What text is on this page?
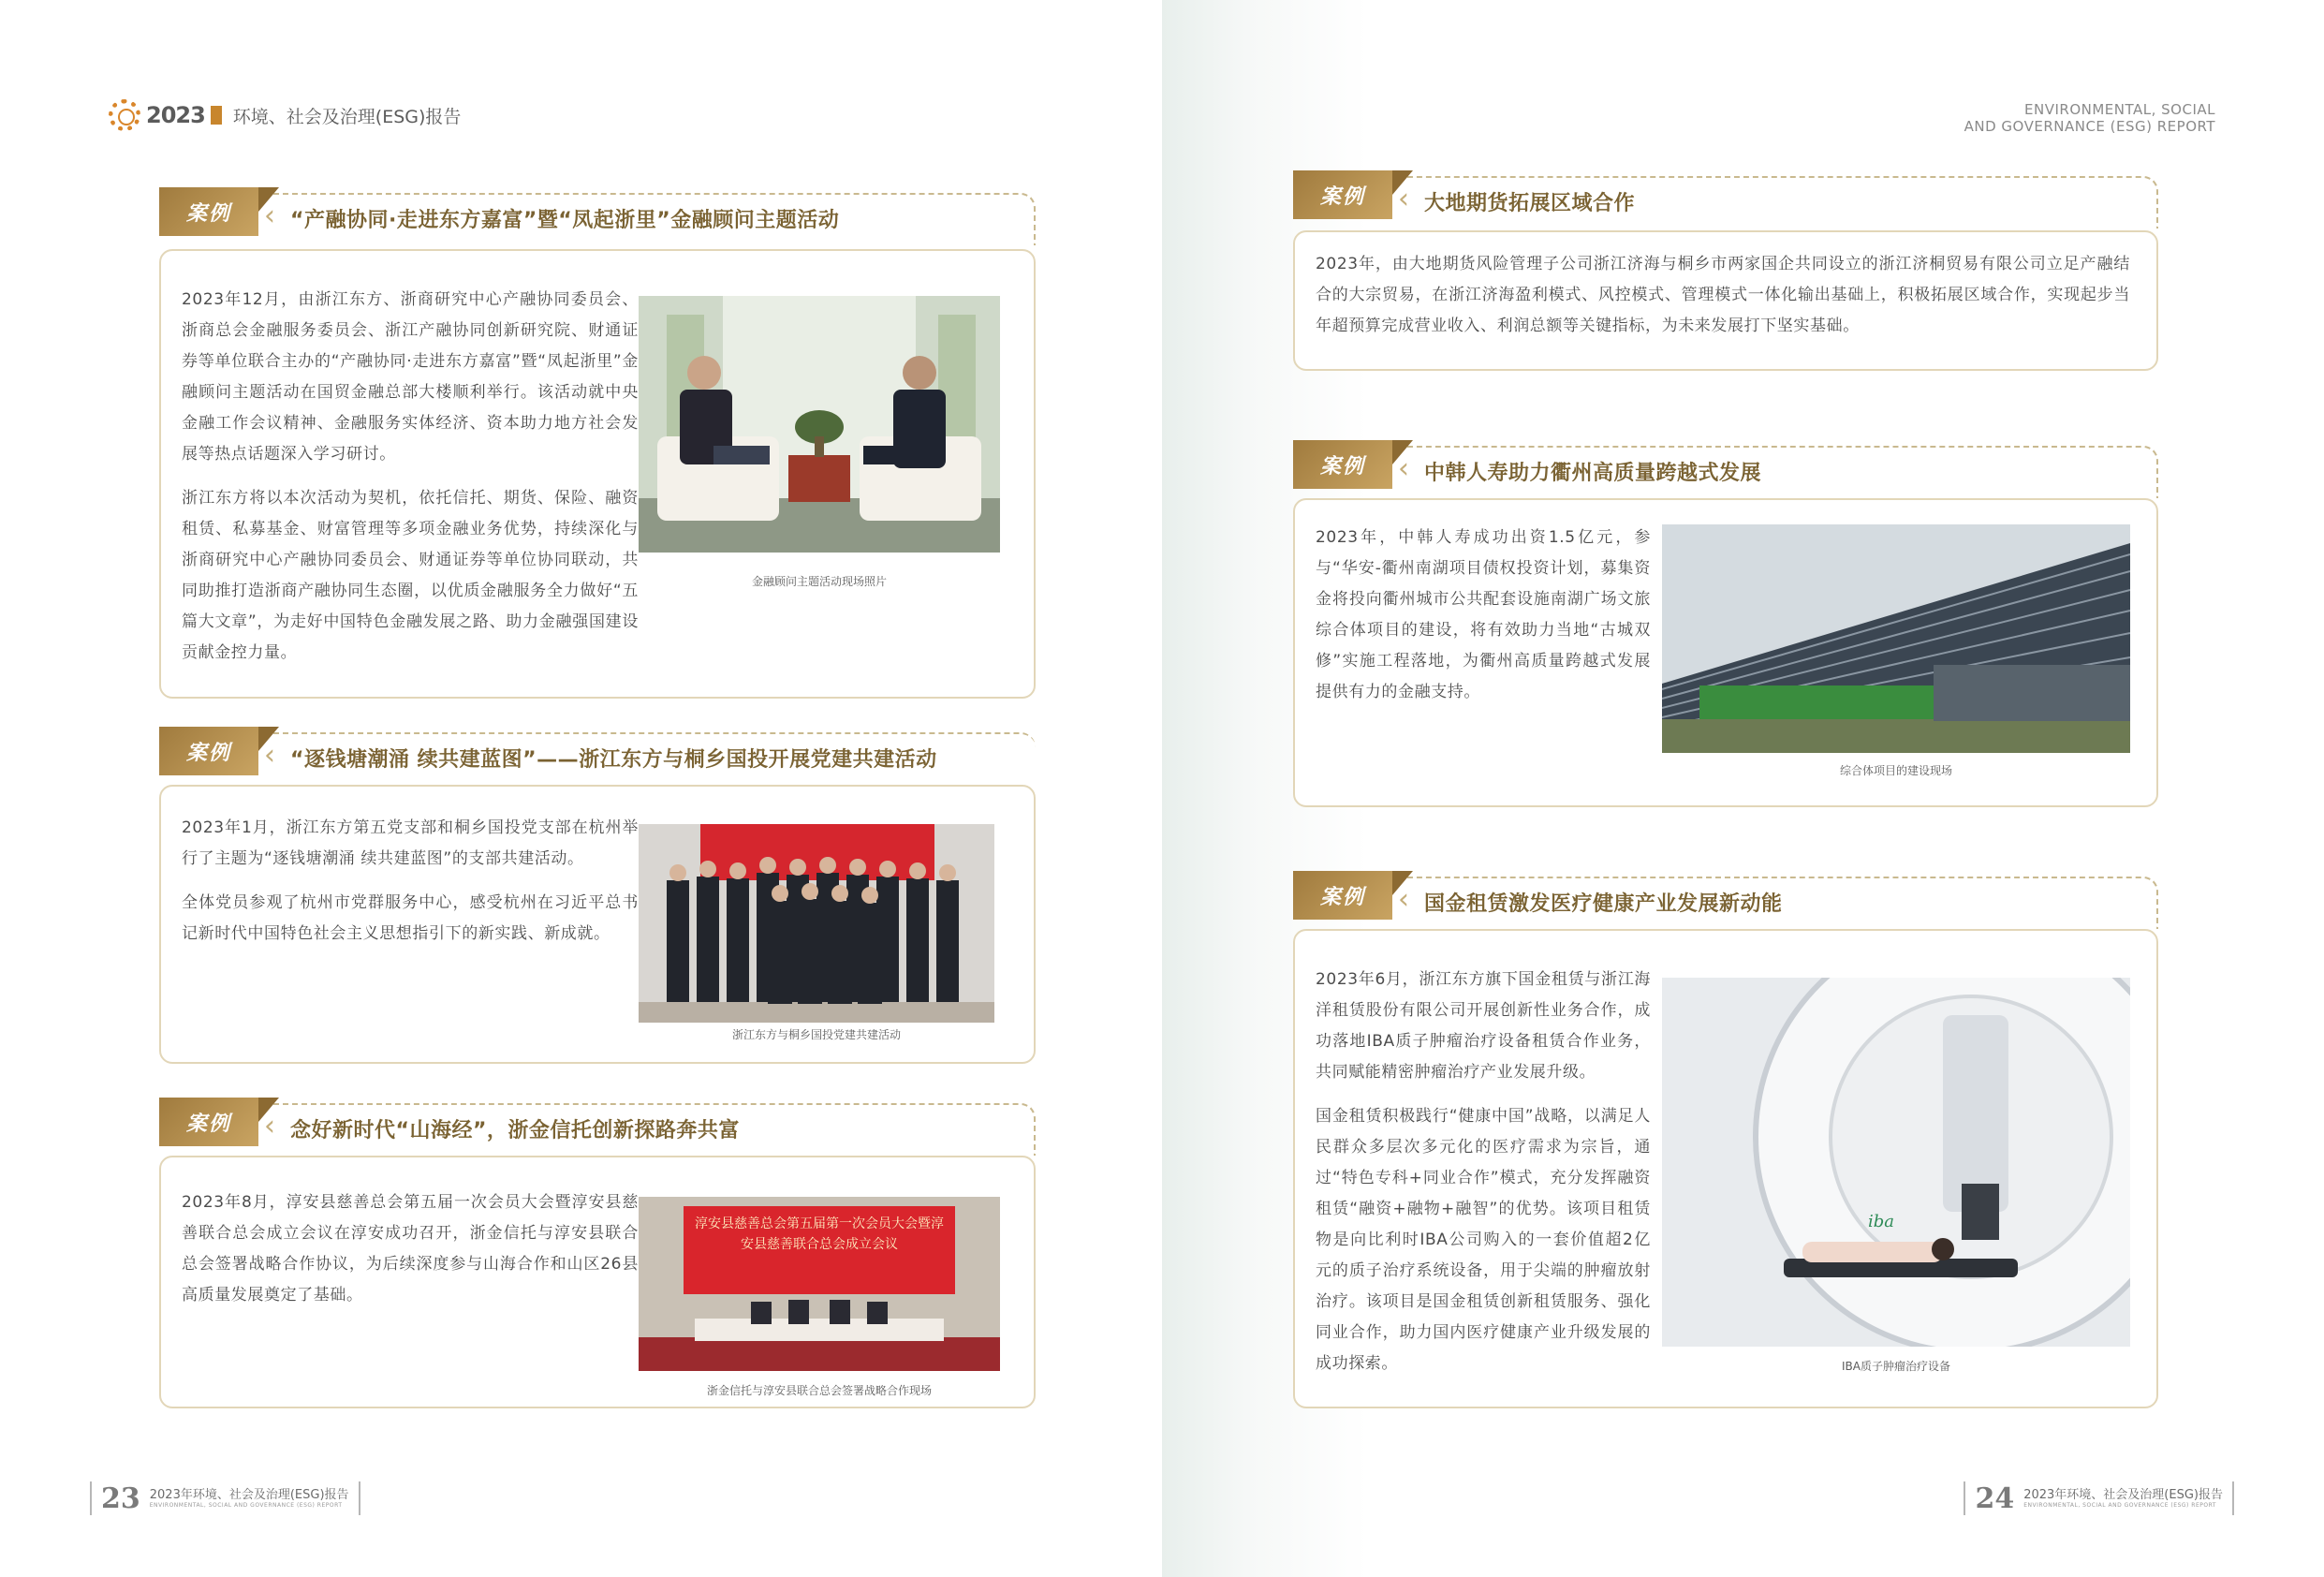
2023 环境、社会及治理(ESG)报告
案例	‹ “产融协同·走进东方嘉富”暨“凤起浙里”金融顾问主题活动

2023年12月，由浙江东方、浙商研究中心产融协同委员会、浙商总会金融服务委员会、浙江产融协同创新研究院、财通证券等单位联合主办的“产融协同·走进东方嘉富”暨“凤起浙里”金融顾问主题活动在国贸金融总部大楼顺利举行。该活动就中央金融工作会议精神、金融服务实体经济、资本助力地方社会发展等热点话题深入学习研讨。

浙江东方将以本次活动为契机，依托信托、期货、保险、融资租赁、私募基金、财富管理等多项金融业务优势，持续深化与浙商研究中心产融协同委员会、财通证券等单位协同联动，共同助推打造浙商产融协同生态圈，以优质金融服务全力做好“五篇大文章”，为走好中国特色金融发展之路、助力金融强国建设贡献金控力量。

金融顾问主题活动现场照片
案例	‹ “逐钱塘潮涌 续共建蓝图”——浙江东方与桐乡国投开展党建共建活动

2023年1月，浙江东方第五党支部和桐乡国投党支部在杭州举行了主题为“逐钱塘潮涌 续共建蓝图”的支部共建活动。

全体党员参观了杭州市党群服务中心，感受杭州在习近平总书记新时代中国特色社会主义思想指引下的新实践、新成就。

浙江东方与桐乡国投党建共建活动
案例	‹ 念好新时代“山海经”，浙金信托创新探路奔共富

2023年8月，淳安县慈善总会第五届一次会员大会暨淳安县慈善联合总会成立会议在淳安成功召开，浙金信托与淳安县联合总会签署战略合作协议，为后续深度参与山海合作和山区26县高质量发展奠定了基础。

淳安县慈善总会第五届第一次会员大会暨淳安县慈善联合总会成立会议
浙金信托与淳安县联合总会签署战略合作现场
23 2023年环境、社会及治理(ESG)报告
ENVIRONMENTAL, SOCIAL AND GOVERNANCE (ESG) REPORT
ENVIRONMENTAL, SOCIAL
AND GOVERNANCE (ESG) REPORT
案例	‹ 大地期货拓展区域合作

2023年，由大地期货风险管理子公司浙江济海与桐乡市两家国企共同设立的浙江济桐贸易有限公司立足产融结合的大宗贸易，在浙江济海盈利模式、风控模式、管理模式一体化输出基础上，积极拓展区域合作，实现起步当年超预算完成营业收入、利润总额等关键指标，为未来发展打下坚实基础。

案例	‹ 中韩人寿助力衢州高质量跨越式发展

2023年，中韩人寿成功出资1.5亿元，参与“华安-衢州南湖项目债权投资计划，募集资金将投向衢州城市公共配套设施南湖广场文旅综合体项目的建设，将有效助力当地“古城双修”实施工程落地，为衢州高质量跨越式发展提供有力的金融支持。

综合体项目的建设现场
案例	‹ 国金租赁激发医疗健康产业发展新动能

2023年6月，浙江东方旗下国金租赁与浙江海洋租赁股份有限公司开展创新性业务合作，成功落地IBA质子肿瘤治疗设备租赁合作业务，共同赋能精密肿瘤治疗产业发展升级。

国金租赁积极践行“健康中国”战略，以满足人民群众多层次多元化的医疗需求为宗旨，通过“特色专科+同业合作”模式，充分发挥融资租赁“融资+融物+融智”的优势。该项目租赁物是向比利时IBA公司购入的一套价值超2亿元的质子治疗系统设备，用于尖端的肿瘤放射治疗。该项目是国金租赁创新租赁服务、强化同业合作，助力国内医疗健康产业升级发展的成功探索。

iba
IBA质子肿瘤治疗设备
24 2023年环境、社会及治理(ESG)报告
ENVIRONMENTAL, SOCIAL AND GOVERNANCE (ESG) REPORT
